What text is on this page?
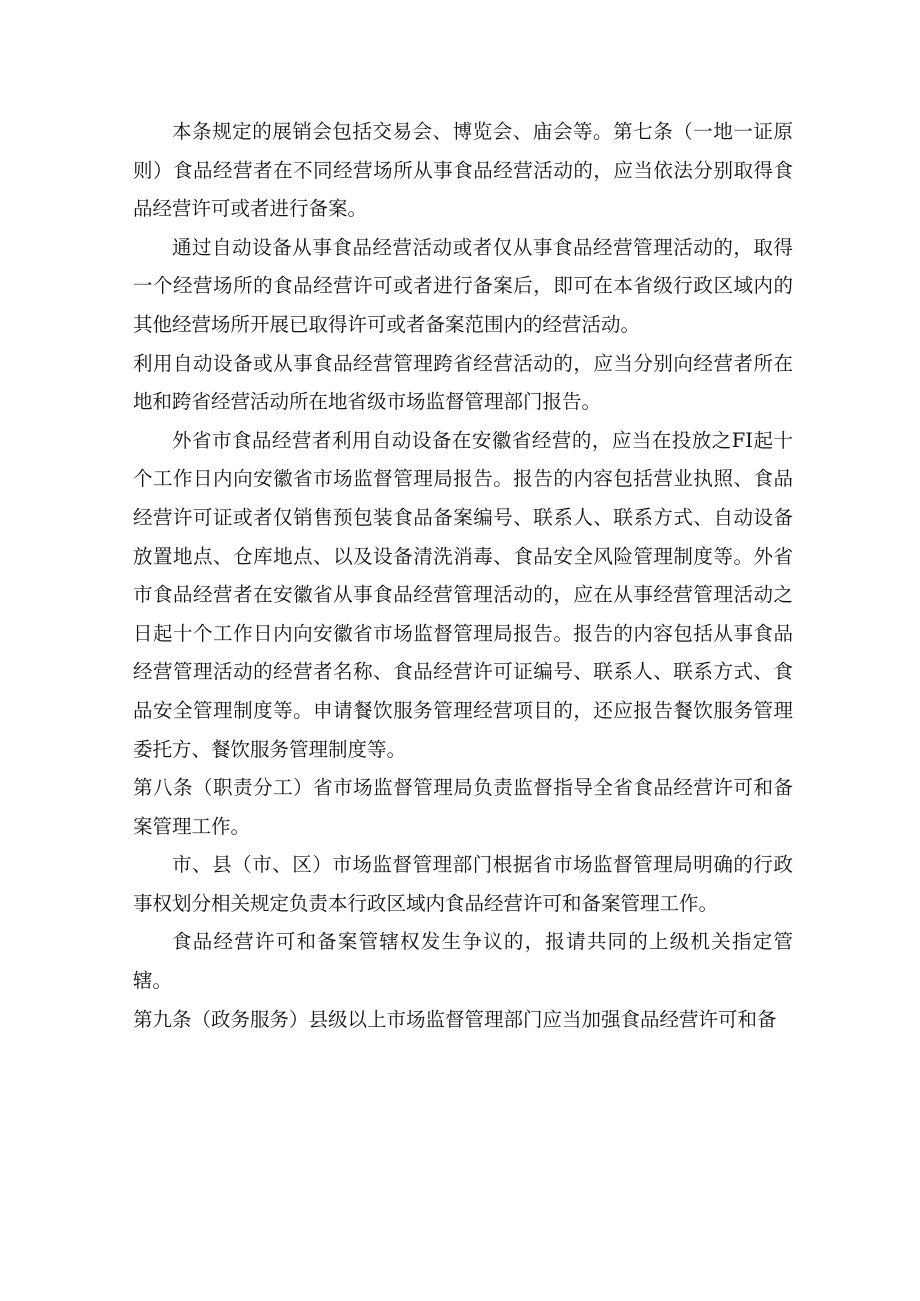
本条规定的展销会包括交易会、博览会、庙会等。第七条（一地一证原则）食品经营者在不同经营场所从事食品经营活动的，应当依法分别取得食品经营许可或者进行备案。

通过自动设备从事食品经营活动或者仅从事食品经营管理活动的，取得一个经营场所的食品经营许可或者进行备案后，即可在本省级行政区域内的其他经营场所开展已取得许可或者备案范围内的经营活动。

利用自动设备或从事食品经营管理跨省经营活动的，应当分别向经营者所在地和跨省经营活动所在地省级市场监督管理部门报告。

外省市食品经营者利用自动设备在安徽省经营的，应当在投放之FI起十个工作日内向安徽省市场监督管理局报告。报告的内容包括营业执照、食品经营许可证或者仅销售预包装食品备案编号、联系人、联系方式、自动设备放置地点、仓库地点、以及设备清洗消毒、食品安全风险管理制度等。外省市食品经营者在安徽省从事食品经营管理活动的，应在从事经营管理活动之日起十个工作日内向安徽省市场监督管理局报告。报告的内容包括从事食品经营管理活动的经营者名称、食品经营许可证编号、联系人、联系方式、食品安全管理制度等。申请餐饮服务管理经营项目的，还应报告餐饮服务管理委托方、餐饮服务管理制度等。

第八条（职责分工）省市场监督管理局负责监督指导全省食品经营许可和备案管理工作。

市、县（市、区）市场监督管理部门根据省市场监督管理局明确的行政事权划分相关规定负责本行政区域内食品经营许可和备案管理工作。

食品经营许可和备案管辖权发生争议的，报请共同的上级机关指定管辖。

第九条（政务服务）县级以上市场监督管理部门应当加强食品经营许可和备
